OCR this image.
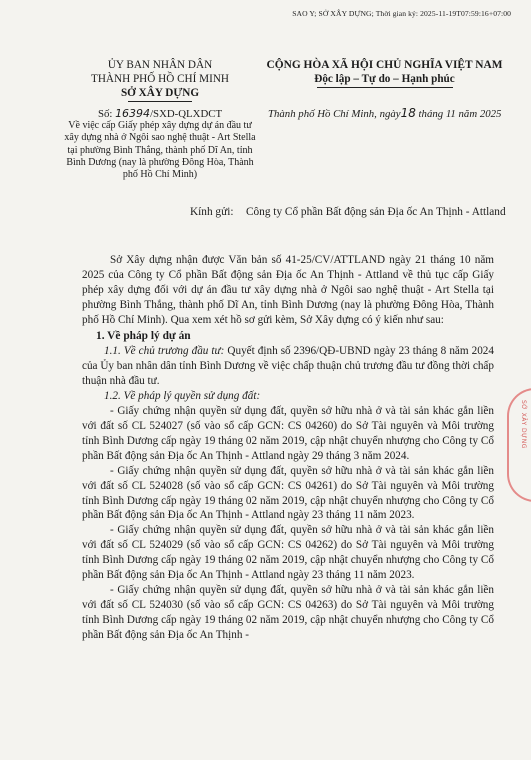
SAO Y; SỞ XÂY DỰNG; Thời gian ký: 2025-11-19T07:59:16+07:00
ỦY BAN NHÂN DÂN
THÀNH PHỐ HỒ CHÍ MINH
SỞ XÂY DỰNG
Số: 16394/SXD-QLXDCT
Về việc cấp Giấy phép xây dựng dự án đầu tư xây dựng nhà ở Ngôi sao nghệ thuật - Art Stella tại phường Bình Thắng, thành phố Dĩ An, tỉnh Bình Dương (nay là phường Đông Hòa, Thành phố Hồ Chí Minh)
CỘNG HÒA XÃ HỘI CHỦ NGHĨA VIỆT NAM
Độc lập – Tự do – Hạnh phúc
Thành phố Hồ Chí Minh, ngày18 tháng 11 năm 2025
Kính gửi: Công ty Cổ phần Bất động sản Địa ốc An Thịnh - Attland

Sở Xây dựng nhận được Văn bản số 41-25/CV/ATTLAND ngày 21 tháng 10 năm 2025 của Công ty Cổ phần Bất động sản Địa ốc An Thịnh - Attland về thủ tục cấp Giấy phép xây dựng đối với dự án đầu tư xây dựng nhà ở Ngôi sao nghệ thuật - Art Stella tại phường Bình Thắng, thành phố Dĩ An, tỉnh Bình Dương (nay là phường Đông Hòa, Thành phố Hồ Chí Minh). Qua xem xét hồ sơ gửi kèm, Sở Xây dựng có ý kiến như sau:

1. Về pháp lý dự án

1.1. Về chủ trương đầu tư: Quyết định số 2396/QĐ-UBND ngày 23 tháng 8 năm 2024 của Ủy ban nhân dân tỉnh Bình Dương về việc chấp thuận chủ trương đầu tư đồng thời chấp thuận nhà đầu tư.

1.2. Về pháp lý quyền sử dụng đất:

- Giấy chứng nhận quyền sử dụng đất, quyền sở hữu nhà ở và tài sản khác gắn liền với đất số CL 524027 (số vào sổ cấp GCN: CS 04260) do Sở Tài nguyên và Môi trường tỉnh Bình Dương cấp ngày 19 tháng 02 năm 2019, cập nhật chuyển nhượng cho Công ty Cổ phần Bất động sản Địa ốc An Thịnh - Attland ngày 29 tháng 3 năm 2024.

- Giấy chứng nhận quyền sử dụng đất, quyền sở hữu nhà ở và tài sản khác gắn liền với đất số CL 524028 (số vào sổ cấp GCN: CS 04261) do Sở Tài nguyên và Môi trường tỉnh Bình Dương cấp ngày 19 tháng 02 năm 2019, cập nhật chuyển nhượng cho Công ty Cổ phần Bất động sản Địa ốc An Thịnh - Attland ngày 23 tháng 11 năm 2023.

- Giấy chứng nhận quyền sử dụng đất, quyền sở hữu nhà ở và tài sản khác gắn liền với đất số CL 524029 (số vào sổ cấp GCN: CS 04262) do Sở Tài nguyên và Môi trường tỉnh Bình Dương cấp ngày 19 tháng 02 năm 2019, cập nhật chuyển nhượng cho Công ty Cổ phần Bất động sản Địa ốc An Thịnh - Attland ngày 23 tháng 11 năm 2023.

- Giấy chứng nhận quyền sử dụng đất, quyền sở hữu nhà ở và tài sản khác gắn liền với đất số CL 524030 (số vào sổ cấp GCN: CS 04263) do Sở Tài nguyên và Môi trường tỉnh Bình Dương cấp ngày 19 tháng 02 năm 2019, cập nhật chuyển nhượng cho Công ty Cổ phần Bất động sản Địa ốc An Thịnh -

SỞ XÂY DỰNG
